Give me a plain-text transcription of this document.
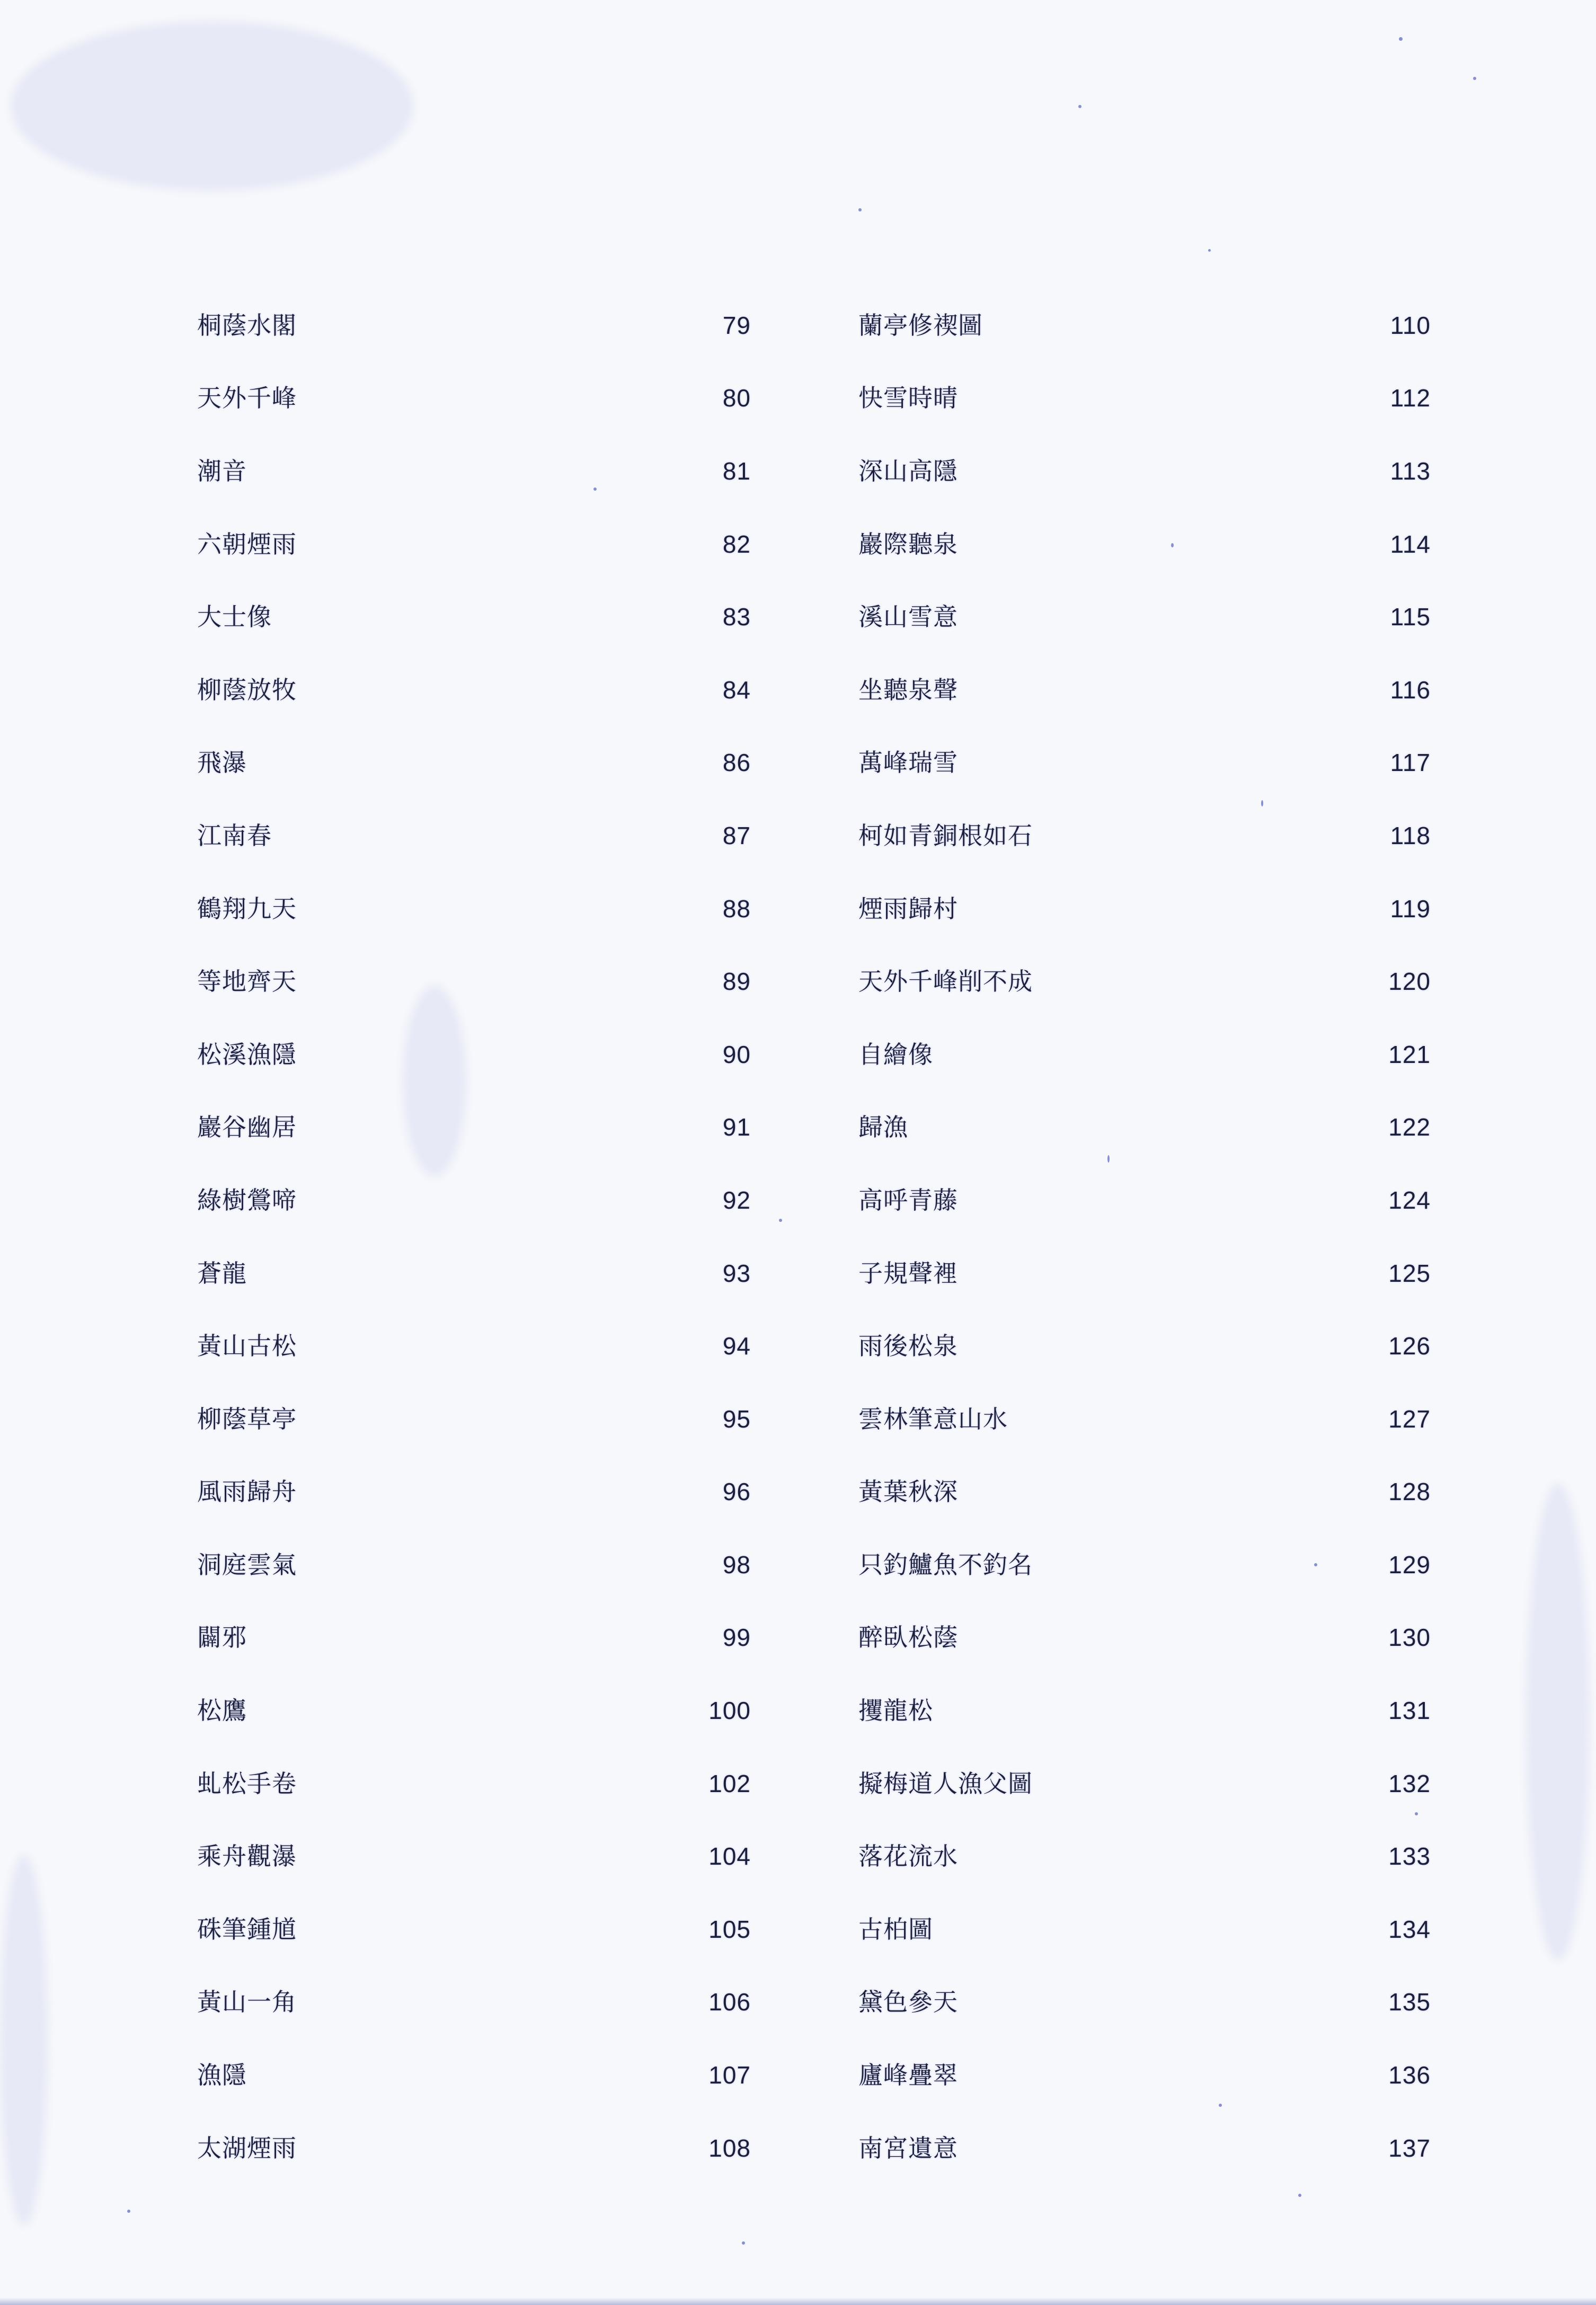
桐蔭水閣	79
天外千峰	80
潮音	81
六朝煙雨	82
大士像	83
柳蔭放牧	84
飛瀑	86
江南春	87
鶴翔九天	88
等地齊天	89
松溪漁隱	90
巖谷幽居	91
綠樹鶯啼	92
蒼龍	93
黃山古松	94
柳蔭草亭	95
風雨歸舟	96
洞庭雲氣	98
闢邪	99
松鷹	100
虬松手卷	102
乘舟觀瀑	104
硃筆鍾馗	105
黃山一角	106
漁隱	107
太湖煙雨	108
蘭亭修禊圖	110
快雪時晴	112
深山高隱	113
巖際聽泉	114
溪山雪意	115
坐聽泉聲	116
萬峰瑞雪	117
柯如青銅根如石	118
煙雨歸村	119
天外千峰削不成	120
自繪像	121
歸漁	122
高呼青藤	124
子規聲裡	125
雨後松泉	126
雲林筆意山水	127
黃葉秋深	128
只釣鱸魚不釣名	129
醉臥松蔭	130
攫龍松	131
擬梅道人漁父圖	132
落花流水	133
古柏圖	134
黛色參天	135
廬峰疊翠	136
南宮遺意	137
